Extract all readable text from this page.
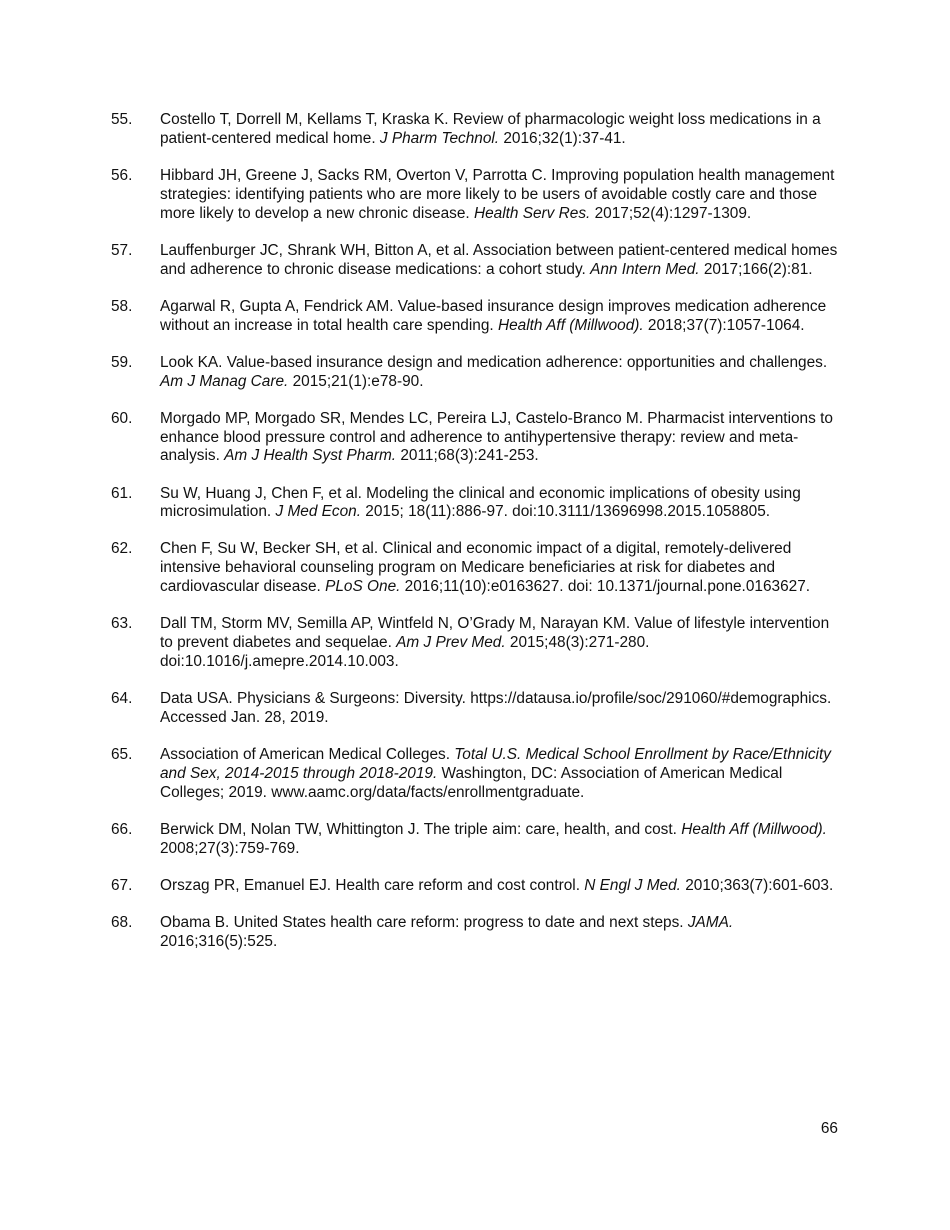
55.	Costello T, Dorrell M, Kellams T, Kraska K. Review of pharmacologic weight loss medications in a patient-centered medical home. J Pharm Technol. 2016;32(1):37-41.
56.	Hibbard JH, Greene J, Sacks RM, Overton V, Parrotta C. Improving population health management strategies: identifying patients who are more likely to be users of avoidable costly care and those more likely to develop a new chronic disease. Health Serv Res. 2017;52(4):1297-1309.
57.	Lauffenburger JC, Shrank WH, Bitton A, et al. Association between patient-centered medical homes and adherence to chronic disease medications: a cohort study. Ann Intern Med. 2017;166(2):81.
58.	Agarwal R, Gupta A, Fendrick AM. Value-based insurance design improves medication adherence without an increase in total health care spending. Health Aff (Millwood). 2018;37(7):1057-1064.
59.	Look KA. Value-based insurance design and medication adherence: opportunities and challenges. Am J Manag Care. 2015;21(1):e78-90.
60.	Morgado MP, Morgado SR, Mendes LC, Pereira LJ, Castelo-Branco M. Pharmacist interventions to enhance blood pressure control and adherence to antihypertensive therapy: review and meta-analysis. Am J Health Syst Pharm. 2011;68(3):241-253.
61.	Su W, Huang J, Chen F, et al. Modeling the clinical and economic implications of obesity using microsimulation. J Med Econ. 2015; 18(11):886-97. doi:10.3111/13696998.2015.1058805.
62.	Chen F, Su W, Becker SH, et al. Clinical and economic impact of a digital, remotely-delivered intensive behavioral counseling program on Medicare beneficiaries at risk for diabetes and cardiovascular disease. PLoS One. 2016;11(10):e0163627. doi: 10.1371/journal.pone.0163627.
63.	Dall TM, Storm MV, Semilla AP, Wintfeld N, O’Grady M, Narayan KM. Value of lifestyle intervention to prevent diabetes and sequelae. Am J Prev Med. 2015;48(3):271-280. doi:10.1016/j.amepre.2014.10.003.
64.	Data USA. Physicians & Surgeons: Diversity. https://datausa.io/profile/soc/291060/#demographics. Accessed Jan. 28, 2019.
65.	Association of American Medical Colleges. Total U.S. Medical School Enrollment by Race/Ethnicity and Sex, 2014-2015 through 2018-2019. Washington, DC: Association of American Medical Colleges; 2019. www.aamc.org/data/facts/enrollmentgraduate.
66.	Berwick DM, Nolan TW, Whittington J. The triple aim: care, health, and cost. Health Aff (Millwood). 2008;27(3):759-769.
67.	Orszag PR, Emanuel EJ. Health care reform and cost control. N Engl J Med. 2010;363(7):601-603.
68.	Obama B. United States health care reform: progress to date and next steps. JAMA. 2016;316(5):525.
66
